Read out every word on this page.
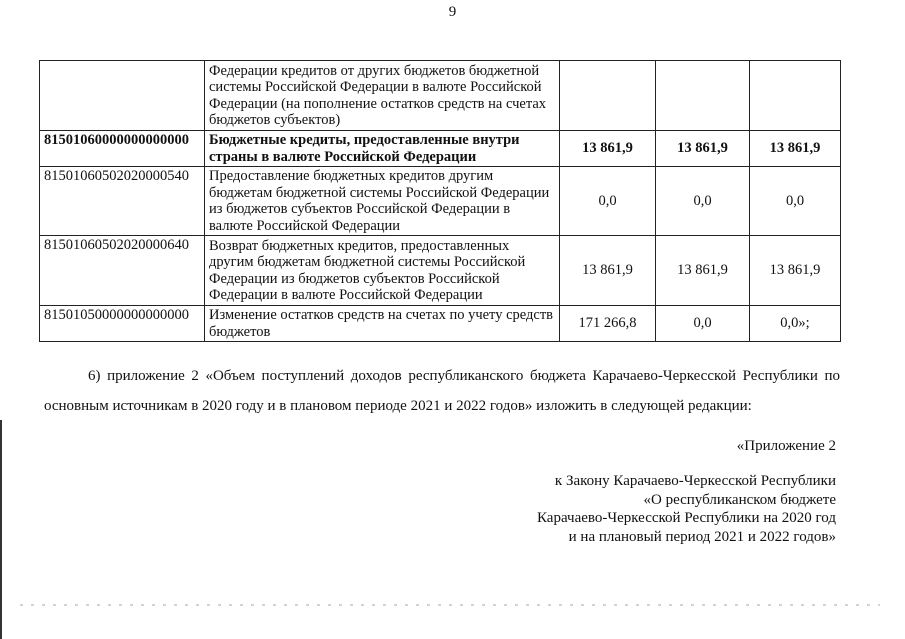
9
	Федерации кредитов от других бюджетов бюджетной системы Российской Федерации в валюте Российской Федерации (на пополнение остатков средств на счетах бюджетов субъектов)			
81501060000000000000	Бюджетные кредиты, предоставленные внутри страны в валюте Российской Федерации	13 861,9	13 861,9	13 861,9
81501060502020000540	Предоставление бюджетных кредитов другим бюджетам бюджетной системы Российской Федерации из бюджетов субъектов Российской Федерации в валюте Российской Федерации	0,0	0,0	0,0
81501060502020000640	Возврат бюджетных кредитов, предоставленных другим бюджетам бюджетной системы Российской Федерации из бюджетов субъектов Российской Федерации в валюте Российской Федерации	13 861,9	13 861,9	13 861,9
81501050000000000000	Изменение остатков средств на счетах по учету средств бюджетов	171 266,8	0,0	0,0»;
6) приложение 2 «Объем поступлений доходов республиканского бюджета Карачаево-Черкесской Республики по
основным источникам в 2020 году и в плановом периоде 2021 и 2022 годов» изложить в следующей редакции:
«Приложение 2
к Закону Карачаево-Черкесской Республики
«О республиканском бюджете
Карачаево-Черкесской Республики на 2020 год
и на плановый период 2021 и 2022 годов»
